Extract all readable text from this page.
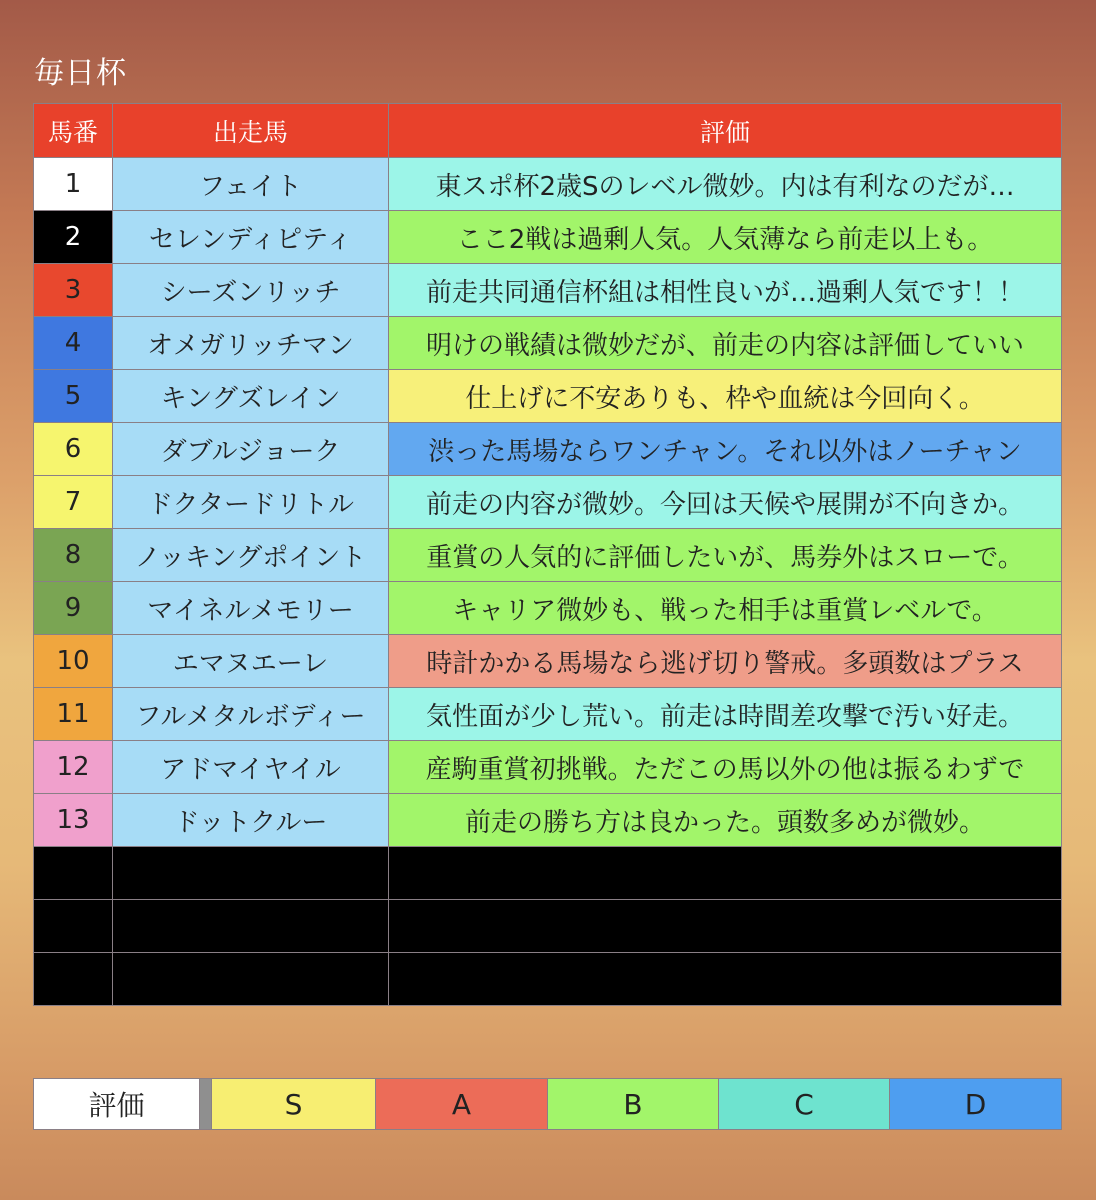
毎日杯
馬番	出走馬	評価
1	フェイト	東スポ杯2歳Sのレベル微妙。内は有利なのだが…
2	セレンディピティ	ここ2戦は過剰人気。人気薄なら前走以上も。
3	シーズンリッチ	前走共同通信杯組は相性良いが…過剰人気です！！
4	オメガリッチマン	明けの戦績は微妙だが、前走の内容は評価していい
5	キングズレイン	仕上げに不安ありも、枠や血統は今回向く。
6	ダブルジョーク	渋った馬場ならワンチャン。それ以外はノーチャン
7	ドクタードリトル	前走の内容が微妙。今回は天候や展開が不向きか。
8	ノッキングポイント	重賞の人気的に評価したいが、馬券外はスローで。
9	マイネルメモリー	キャリア微妙も、戦った相手は重賞レベルで。
10	エマヌエーレ	時計かかる馬場なら逃げ切り警戒。多頭数はプラス
11	フルメタルボディー	気性面が少し荒い。前走は時間差攻撃で汚い好走。
12	アドマイヤイル	産駒重賞初挑戦。ただこの馬以外の他は振るわずで
13	ドットクルー	前走の勝ち方は良かった。頭数多めが微妙。

評価		S	A	B	C	D
